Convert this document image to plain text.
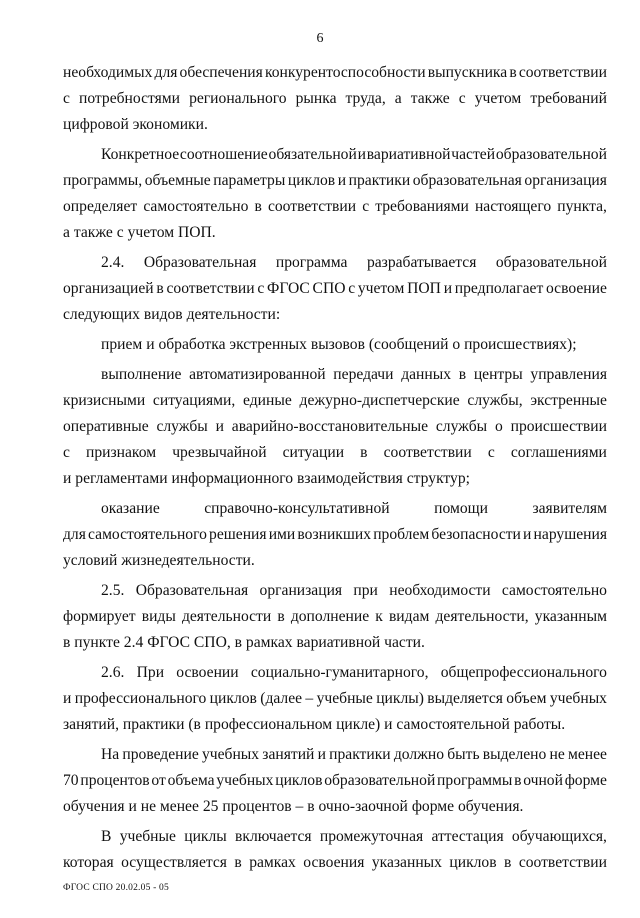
6
необходимых для обеспечения конкурентоспособности выпускника в соответствии
с потребностями регионального рынка труда, а также с учетом требований
цифровой экономики.
Конкретное соотношение обязательной и вариативной частей образовательной
программы, объемные параметры циклов и практики образовательная организация
определяет самостоятельно в соответствии с требованиями настоящего пункта,
а также с учетом ПОП.
2.4. Образовательная программа разрабатывается образовательной
организацией в соответствии с ФГОС СПО с учетом ПОП и предполагает освоение
следующих видов деятельности:
прием и обработка экстренных вызовов (сообщений о происшествиях);
выполнение автоматизированной передачи данных в центры управления
кризисными ситуациями, единые дежурно-диспетчерские службы, экстренные
оперативные службы и аварийно-восстановительные службы о происшествии
с признаком чрезвычайной ситуации в соответствии с соглашениями
и регламентами информационного взаимодействия структур;
оказание	справочно-консультативной	помощи	заявителям
для самостоятельного решения ими возникших проблем безопасности и нарушения
условий жизнедеятельности.
2.5. Образовательная организация при необходимости самостоятельно
формирует виды деятельности в дополнение к видам деятельности, указанным
в пункте 2.4 ФГОС СПО, в рамках вариативной части.
2.6. При освоении социально-гуманитарного, общепрофессионального
и профессионального циклов (далее – учебные циклы) выделяется объем учебных
занятий, практики (в профессиональном цикле) и самостоятельной работы.
На проведение учебных занятий и практики должно быть выделено не менее
70 процентов от объема учебных циклов образовательной программы в очной форме
обучения и не менее 25 процентов – в очно-заочной форме обучения.
В учебные циклы включается промежуточная аттестация обучающихся,
которая осуществляется в рамках освоения указанных циклов в соответствии
ФГОС СПО 20.02.05 - 05
